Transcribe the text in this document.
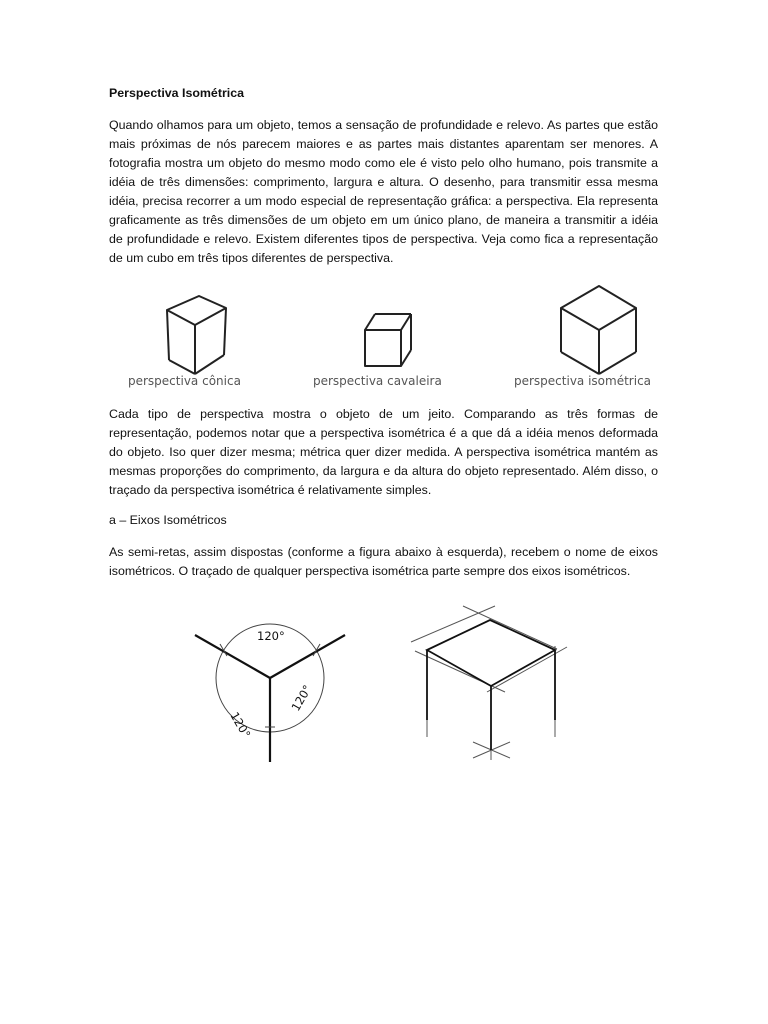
Perspectiva Isométrica

Quando olhamos para um objeto, temos a sensação de profundidade e relevo. As partes que estão mais próximas de nós parecem maiores e as partes mais distantes aparentam ser menores. A fotografia mostra um objeto do mesmo modo como ele é visto pelo olho humano, pois transmite a idéia de três dimensões: comprimento, largura e altura. O desenho, para transmitir essa mesma idéia, precisa recorrer a um modo especial de representação gráfica: a perspectiva. Ela representa graficamente as três dimensões de um objeto em um único plano, de maneira a transmitir a idéia de profundidade e relevo. Existem diferentes tipos de perspectiva. Veja como fica a representação de um cubo em três tipos diferentes de perspectiva.

perspectiva cônica	perspectiva cavaleira	perspectiva isométrica

Cada tipo de perspectiva mostra o objeto de um jeito. Comparando as três formas de representação, podemos notar que a perspectiva isométrica é a que dá a idéia menos deformada do objeto. Iso quer dizer mesma; métrica quer dizer medida. A perspectiva isométrica mantém as mesmas proporções do comprimento, da largura e da altura do objeto representado. Além disso, o traçado da perspectiva isométrica é relativamente simples.

a – Eixos Isométricos

As semi-retas, assim dispostas (conforme a figura abaixo à esquerda), recebem o nome de eixos isométricos. O traçado de qualquer perspectiva isométrica parte sempre dos eixos isométricos.

120°
120°
120°
